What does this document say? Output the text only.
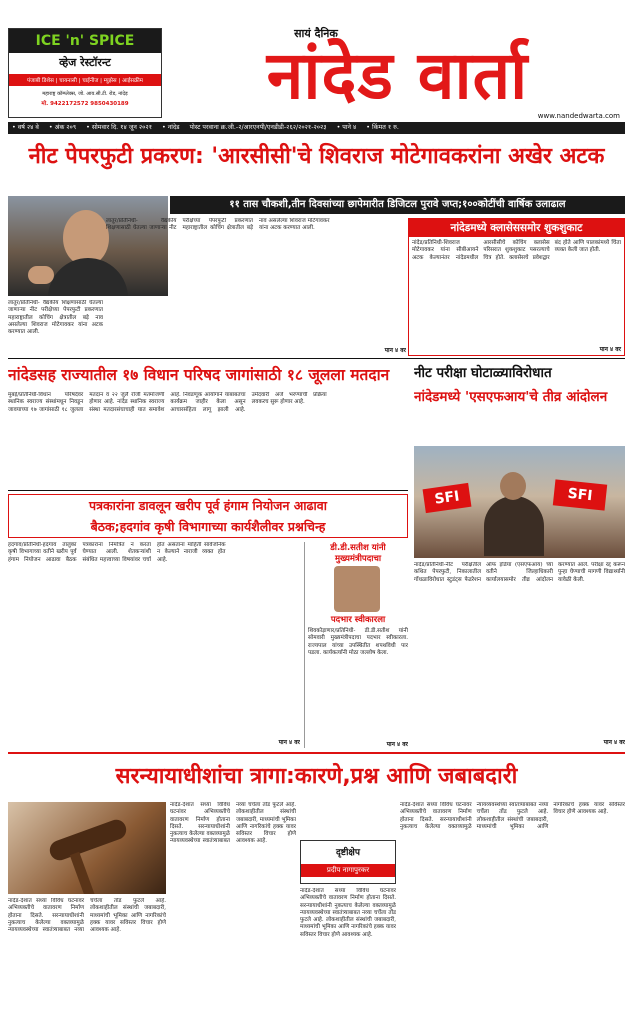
ICE 'n' SPICE
व्हेज रेस्टॉरन्ट
पंजाबी डिशेस | चायनासी | चाईनीज | म्युझेस | आईसक्रीम
महाराष्ट्र कॉम्प्लेक्स, जो. आय.सी.टी. रोड, नांदेड़
मो. 9422172572 9850430189
सायं दैनिक
नांदेड वार्ता
www.nandedwarta.com
• वर्ष २४ वे • अंक २०९ • सोमवार दि. १४ जून २०२१ • नांदेड पोस्ट परवाना क्र.जी.-२/आरएनपी/एनडीडी-२६२/२०२१-२०२३ • पाने ४ • किंमत १ रु.
नीट पेपरफुटी प्रकरण: 'आरसीसी'चे शिवराज मोटेगावकरांना अखेर अटक
११ तास चौकशी,तीन दिवसांच्या छापेमारीत डिजिटल पुरावे जप्त;१००कोटींची वार्षिक उलाढाल
लातूर/प्रतिनिधी- वैद्यकीय शिक्षणासाठी घेतल्या जाणाऱ्या नीट परीक्षेच्या पेपरफुटी प्रकरणात महाराष्ट्रातील कोचिंग क्षेत्रातील बड़े नाव असलेल्या शिवराज मोटेगावकर यांना अटक करण्यात आली.
लातूर/प्रतिनिधी- वैद्यकीय शिक्षणासाठी घेतल्या जाणाऱ्या नीट परीक्षेच्या पेपरफुटी प्रकरणात महाराष्ट्रातील कोचिंग क्षेत्रातील बड़े नाव असलेल्या शिवराज मोटेगावकर यांना अटक करण्यात आली.
पान ४ वर
नांदेडमध्ये क्लासेससमोर शुकशुकाट
नांदेड/प्रतिनिधी-शिवराज मोटेगावकर यांना सीबीआयने अटक केल्यानंतर नांदेडमधील आरसीसीचे कोचिंग क्लासेस परिसरात शुकशुकाट पसरल्याचे चित्र होते. क्लासेसचे प्रवेशद्वार बंद होते आणि पालकांमध्ये चिंता व्यक्त केली जात होती.
पान ४ वर
नांदेडसह राज्यातील १७ विधान परिषद जागांसाठी १८ जूलला मतदान
मुंबई/प्रतिनिधी-विधान परिषदेवर स्थानिक स्वराज्य संस्थांमधून निवडून जावयाच्या १७ जागांसाठी १८ जुलला मतदान व २२ जुलै रोजी मतमोजणी होणार आहे. नांदेड स्थानिक स्वराज्य संस्था मतदारसंघाचाही यात समावेश आहे. निवडणूक आयोगाने याबाबतचा कार्यक्रम जाहीर केला असून आचारसंहिता लागू झाली आहे. उमेदवारी अर्ज भरण्याची प्रक्रिया लवकरच सुरू होणार आहे.
नीट परीक्षा घोटाळ्याविरोधात
नांदेडमध्ये 'एसएफआय'चे तीव्र आंदोलन
SFI	SFI
नांदेड/प्रतिनिधी-नीट परीक्षेतील कथित पेपरफुटी, निकालातील गोंधळाविरोधात स्टुडंट्स फेडरेशन ऑफ इंडिया (एसएफआय) च्या वतीने जिल्हाधिकारी कार्यालयासमोर तीव्र आंदोलन करण्यात आले. परीक्षा रद्द करून पुन्हा घेण्याची मागणी विद्यार्थ्यांनी यावेळी केली.
पान ४ वर
पत्रकारांना डावलून खरीप पूर्व हंगाम नियोजन आढावा
बैठक;हदगांव कृषी विभागाच्या कार्यशैलीवर प्रश्नचिन्ह
हदगांव/प्रतिनिधी-हदगाव तालुका कृषी विभागाच्या वतीने खरीप पूर्व हंगाम नियोजन आढावा बैठक पत्रकारांना निमंत्रित न करता घेण्यात आली. शेतकऱ्यांशी संबंधित महत्त्वाच्या विषयांवर चर्चा होत असताना माहिती सार्वजनिक न केल्याने नाराजी व्यक्त होत आहे.
पान ४ वर
डी.डी.सतीश यांनी
मुख्यमंत्रीपदाचा
पदभार स्वीकारला
शिवकोड़ाणार/प्रतिनिधी- डी.डी.सतीश यांनी सोमवारी मुख्यमंत्रीपदाचा पदभार स्वीकारला. राज्यपाल यांच्या उपस्थितीत शपथविधी पार पडला. कार्यकर्त्यांनी मोठा जल्लोष केला.
पान ४ वर
सरन्यायाधीशांचा त्रागा:कारणे,प्रश्न आणि जबाबदारी
नांदेड-देशात सध्या विविध घटनांवर अभिव्यक्तीचे वातावरण निर्माण होताना दिसते. सरन्यायाधीशांनी नुकत्याच केलेल्या वक्तव्यामुळे न्यायव्यवस्थेच्या स्वातंत्र्याबाबत नव्या चर्चेला तोंड फुटले आहे. लोकशाहीतील संस्थांची जबाबदारी, माध्यमांची भूमिका आणि नागरिकांचे हक्क यावर सविस्तर विचार होणे आवश्यक आहे.
नांदेड-देशात सध्या विविध घटनांवर अभिव्यक्तीचे वातावरण निर्माण होताना दिसते. सरन्यायाधीशांनी नुकत्याच केलेल्या वक्तव्यामुळे न्यायव्यवस्थेच्या स्वातंत्र्याबाबत नव्या चर्चेला तोंड फुटले आहे. लोकशाहीतील संस्थांची जबाबदारी, माध्यमांची भूमिका आणि नागरिकांचे हक्क यावर सविस्तर विचार होणे आवश्यक आहे.
दृष्टीक्षेप
प्रदीप नागापुरकर
नांदेड-देशात सध्या विविध घटनांवर अभिव्यक्तीचे वातावरण निर्माण होताना दिसते. सरन्यायाधीशांनी नुकत्याच केलेल्या वक्तव्यामुळे न्यायव्यवस्थेच्या स्वातंत्र्याबाबत नव्या चर्चेला तोंड फुटले आहे. लोकशाहीतील संस्थांची जबाबदारी, माध्यमांची भूमिका आणि नागरिकांचे हक्क यावर सविस्तर विचार होणे आवश्यक आहे.
नांदेड-देशात सध्या विविध घटनांवर अभिव्यक्तीचे वातावरण निर्माण होताना दिसते. सरन्यायाधीशांनी नुकत्याच केलेल्या वक्तव्यामुळे न्यायव्यवस्थेच्या स्वातंत्र्याबाबत नव्या चर्चेला तोंड फुटले आहे. लोकशाहीतील संस्थांची जबाबदारी, माध्यमांची भूमिका आणि नागरिकांचे हक्क यावर सविस्तर विचार होणे आवश्यक आहे.
